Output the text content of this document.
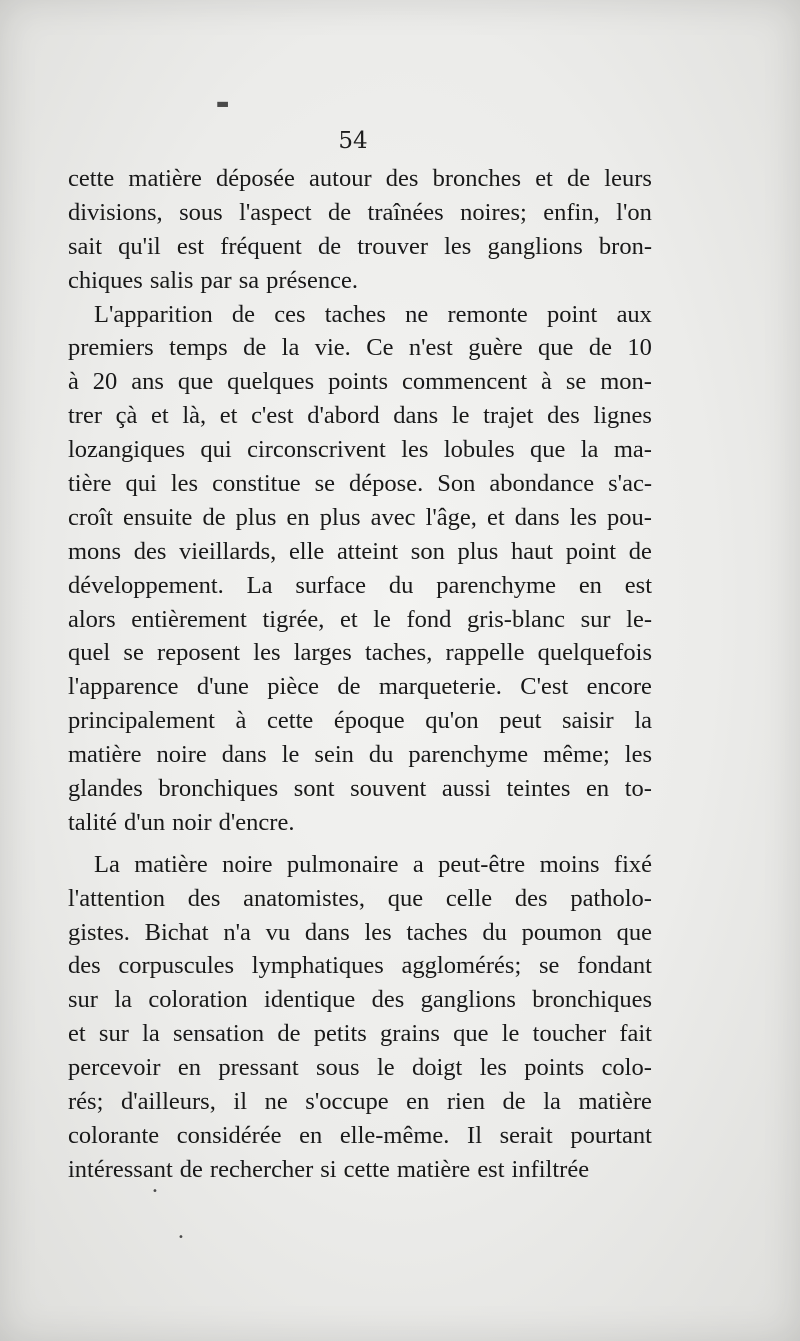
54
cette matière déposée autour des bronches et de leurs
divisions, sous l'aspect de traînées noires; enfin, l'on
sait qu'il est fréquent de trouver les ganglions bron-
chiques salis par sa présence.
L'apparition de ces taches ne remonte point aux
premiers temps de la vie. Ce n'est guère que de 10
à 20 ans que quelques points commencent à se mon-
trer çà et là, et c'est d'abord dans le trajet des lignes
lozangiques qui circonscrivent les lobules que la ma-
tière qui les constitue se dépose. Son abondance s'ac-
croît ensuite de plus en plus avec l'âge, et dans les pou-
mons des vieillards, elle atteint son plus haut point de
développement. La surface du parenchyme en est
alors entièrement tigrée, et le fond gris-blanc sur le-
quel se reposent les larges taches, rappelle quelquefois
l'apparence d'une pièce de marqueterie. C'est encore
principalement à cette époque qu'on peut saisir la
matière noire dans le sein du parenchyme même; les
glandes bronchiques sont souvent aussi teintes en to-
talité d'un noir d'encre.
La matière noire pulmonaire a peut-être moins fixé
l'attention des anatomistes, que celle des patholo-
gistes. Bichat n'a vu dans les taches du poumon que
des corpuscules lymphatiques agglomérés; se fondant
sur la coloration identique des ganglions bronchiques
et sur la sensation de petits grains que le toucher fait
percevoir en pressant sous le doigt les points colo-
rés; d'ailleurs, il ne s'occupe en rien de la matière
colorante considérée en elle-même. Il serait pourtant
intéressant de rechercher si cette matière est infiltrée
▬
•
•
